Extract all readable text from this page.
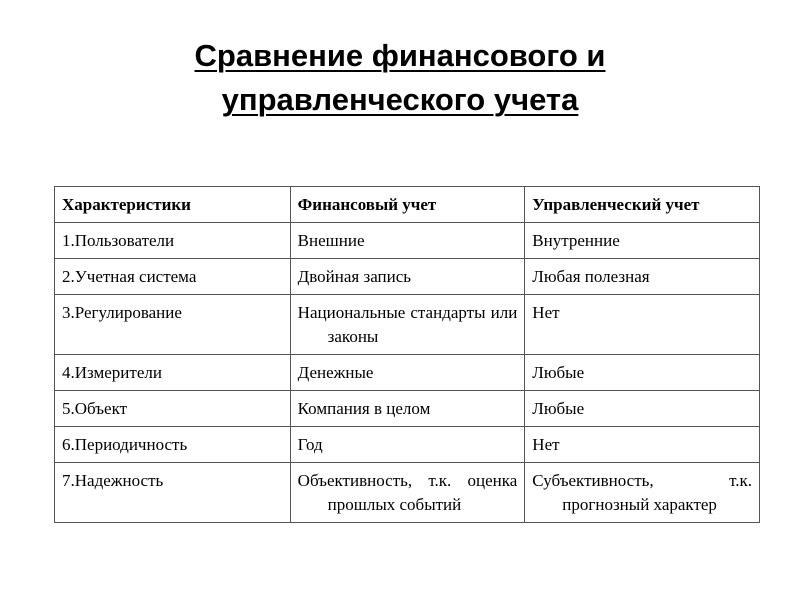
Сравнение финансового и
управленческого учета
Характеристики	Финансовый учет	Управленческий учет
1.Пользователи	Внешние	Внутренние
2.Учетная система	Двойная запись	Любая полезная
3.Регулирование	Национальные стандарты или законы	Нет
4.Измерители	Денежные	Любые
5.Объект	Компания в целом	Любые
6.Периодичность	Год	Нет
7.Надежность	Объективность, т.к. оценка прошлых событий	Субъективность, т.к. прогнозный характер
